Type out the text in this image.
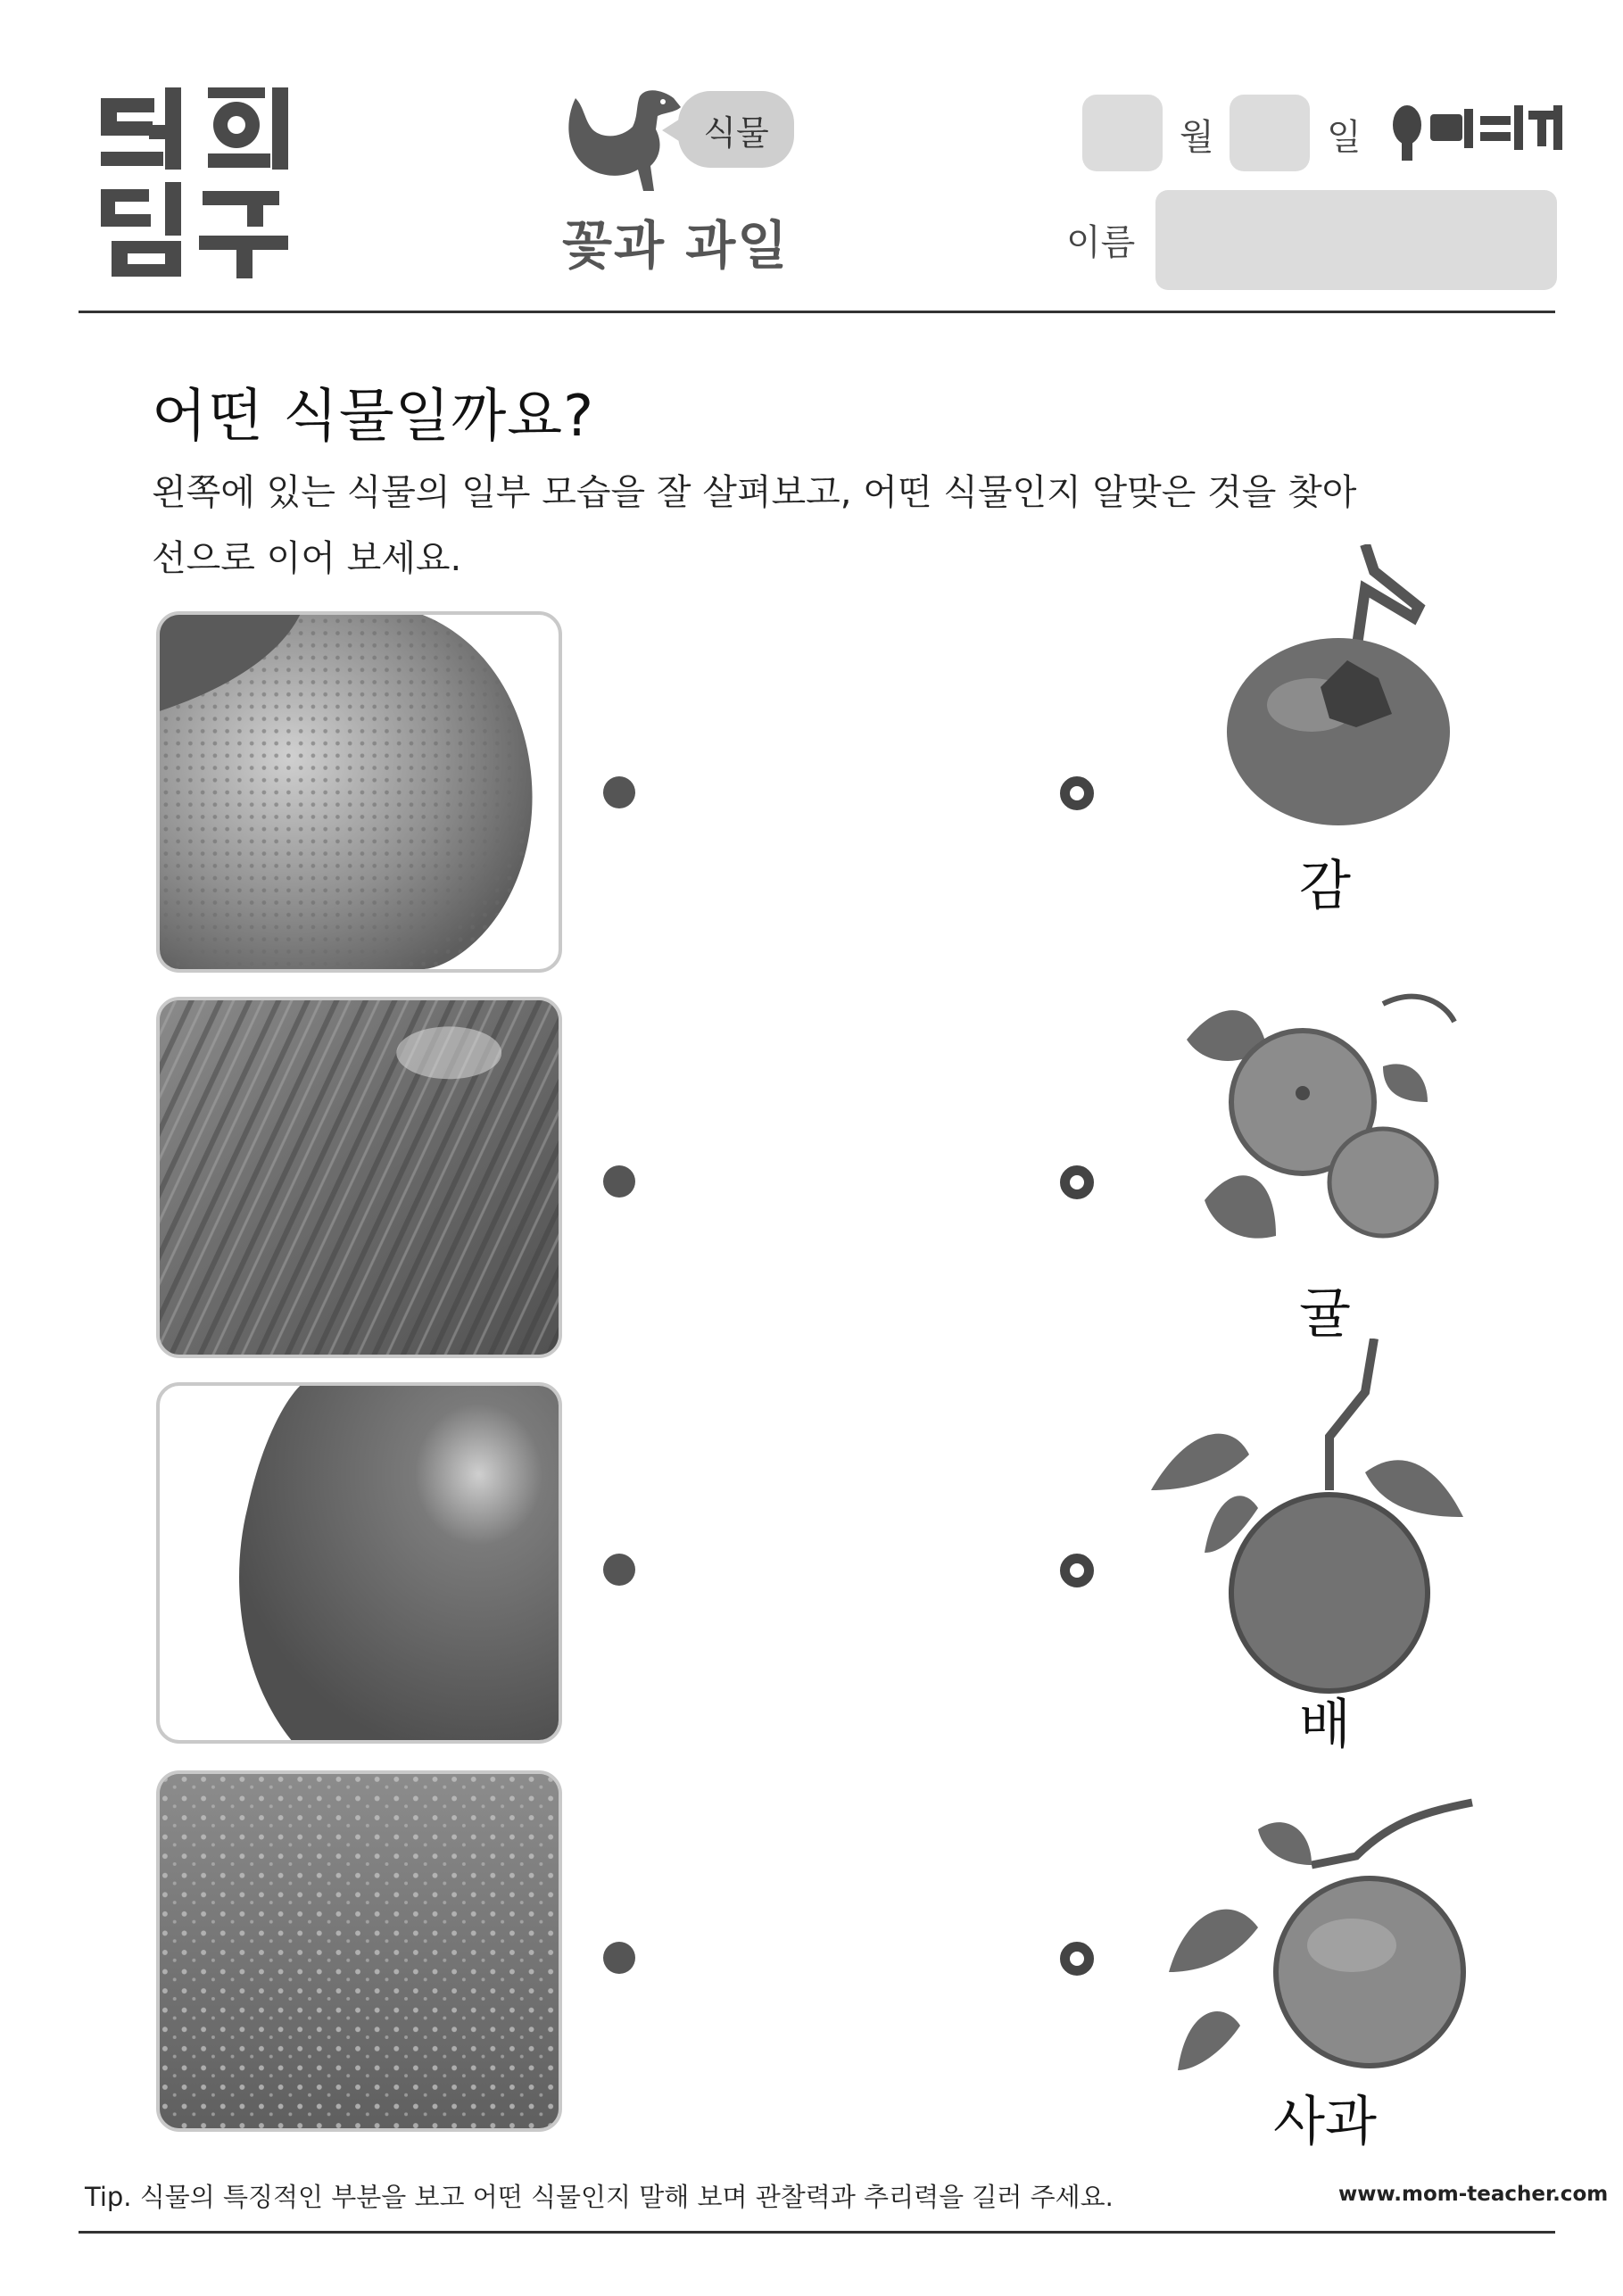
식물
꽃과 과일
월	일
이름
어떤 식물일까요?
왼쪽에 있는 식물의 일부 모습을 잘 살펴보고, 어떤 식물인지 알맞은 것을 찾아
선으로 이어 보세요.
감
귤
배
사과
Tip. 식물의 특징적인 부분을 보고 어떤 식물인지 말해 보며 관찰력과 추리력을 길러 주세요.	www.mom-teacher.com
